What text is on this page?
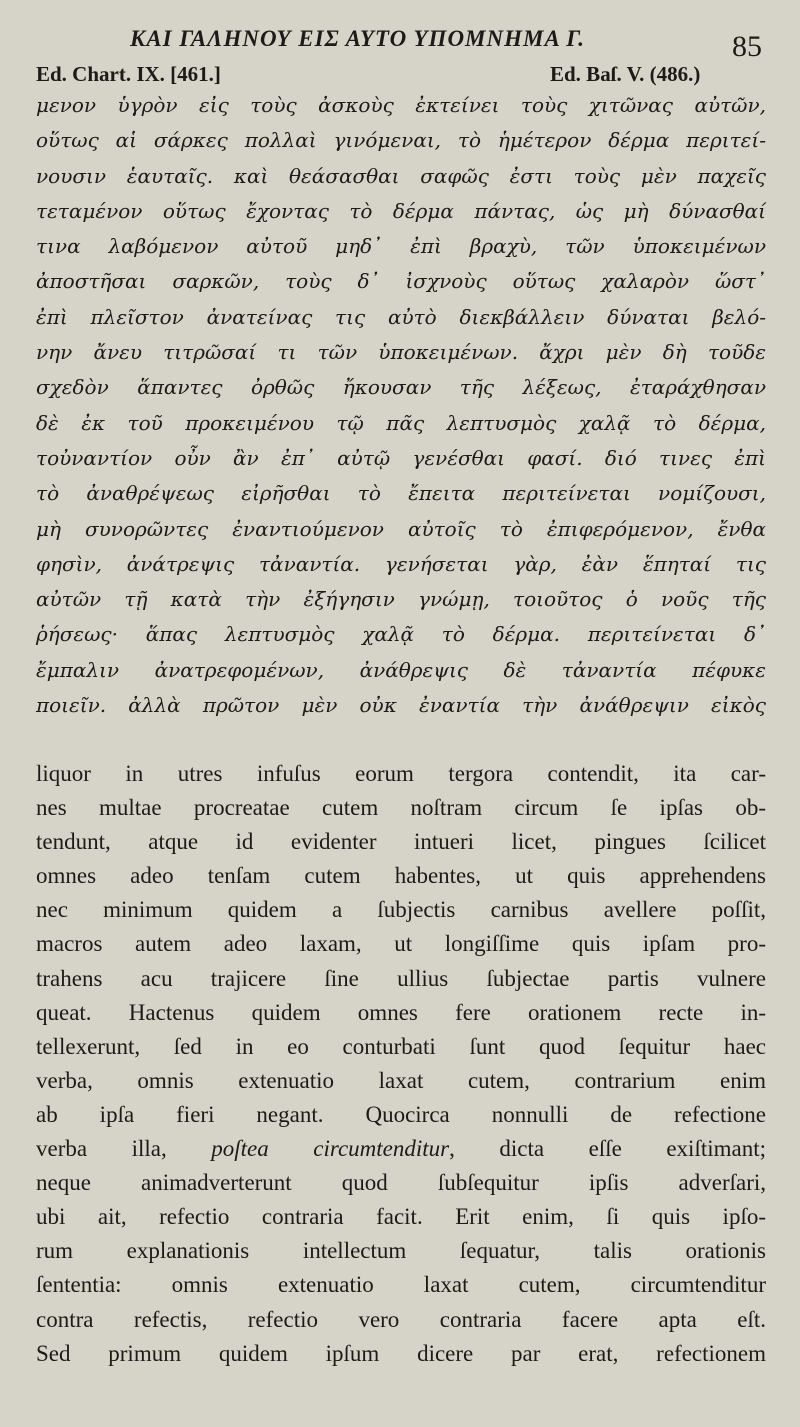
ΚΑΙ ΓΑΛΗΝΟΥ ΕΙΣ ΑΥΤΟ ΥΠΟΜΝΗΜΑ Γ.	85
Ed. Chart. IX. [461.]	Ed. Baſ. V. (486.)
μενον ὑγρὸν εἰς τοὺς ἀσκοὺς ἐκτείνει τοὺς χιτῶνας αὐτῶν,
οὕτως αἱ σάρκες πολλαὶ γινόμεναι, τὸ ἡμέτερον δέρμα περιτεί-
νουσιν ἑαυταῖς. καὶ θεάσασθαι σαφῶς ἐστι τοὺς μὲν παχεῖς
τεταμένον οὕτως ἔχοντας τὸ δέρμα πάντας, ὡς μὴ δύνασθαί
τινα λαβόμενον αὐτοῦ μηδ᾿ ἐπὶ βραχὺ, τῶν ὑποκειμένων
ἀποστῆσαι σαρκῶν, τοὺς δ᾿ ἰσχνοὺς οὕτως χαλαρὸν ὥστ᾿
ἐπὶ πλεῖστον ἀνατείνας τις αὐτὸ διεκβάλλειν δύναται βελό-
νην ἄνευ τιτρῶσαί τι τῶν ὑποκειμένων. ἄχρι μὲν δὴ τοῦδε
σχεδὸν ἅπαντες ὀρθῶς ἤκουσαν τῆς λέξεως, ἐταράχθησαν
δὲ ἐκ τοῦ προκειμένου τῷ πᾶς λεπτυσμὸς χαλᾷ τὸ δέρμα,
τοὐναντίον οὖν ἂν ἐπ᾿ αὐτῷ γενέσθαι φασί. διό τινες ἐπὶ
τὸ ἀναθρέψεως εἰρῆσθαι τὸ ἔπειτα περιτείνεται νομίζουσι,
μὴ συνορῶντες ἐναντιούμενον αὐτοῖς τὸ ἐπιφερόμενον, ἔνθα
φησὶν, ἀνάτρεψις τἀναντία. γενήσεται γὰρ, ἐὰν ἕπηταί τις
αὐτῶν τῇ κατὰ τὴν ἐξήγησιν γνώμῃ, τοιοῦτος ὁ νοῦς τῆς
ῥήσεως· ἅπας λεπτυσμὸς χαλᾷ τὸ δέρμα. περιτείνεται δ᾿
ἔμπαλιν ἀνατρεφομένων, ἀνάθρεψις δὲ τἀναντία πέφυκε
ποιεῖν. ἀλλὰ πρῶτον μὲν οὐκ ἐναντία τὴν ἀνάθρεψιν εἰκὸς
liquor in utres infuſus eorum tergora contendit, ita car-
nes multae procreatae cutem noſtram circum ſe ipſas ob-
tendunt, atque id evidenter intueri licet, pingues ſcilicet
omnes adeo tenſam cutem habentes, ut quis apprehendens
nec minimum quidem a ſubjectis carnibus avellere poſſit,
macros autem adeo laxam, ut longiſſime quis ipſam pro-
trahens acu trajicere ſine ullius ſubjectae partis vulnere
queat. Hactenus quidem omnes fere orationem recte in-
tellexerunt, ſed in eo conturbati ſunt quod ſequitur haec
verba, omnis extenuatio laxat cutem, contrarium enim
ab ipſa fieri negant. Quocirca nonnulli de refectione
verba illa, poſtea circumtenditur, dicta eſſe exiſtimant;
neque animadverterunt quod ſubſequitur ipſis adverſari,
ubi ait, refectio contraria facit. Erit enim, ſi quis ipſo-
rum explanationis intellectum ſequatur, talis orationis
ſententia: omnis extenuatio laxat cutem, circumtenditur
contra refectis, refectio vero contraria facere apta eſt.
Sed primum quidem ipſum dicere par erat, refectionem
